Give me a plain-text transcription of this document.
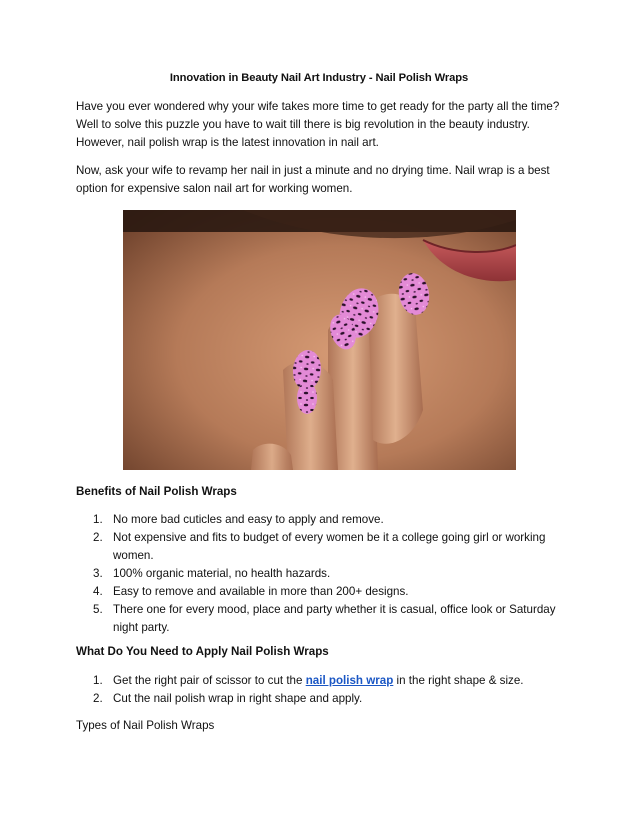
Innovation in Beauty Nail Art Industry - Nail Polish Wraps
Have you ever wondered why your wife takes more time to get ready for the party all the time?
Well to solve this puzzle you have to wait till there is big revolution in the beauty industry.
However, nail polish wrap is the latest innovation in nail art.
Now, ask your wife to revamp her nail in just a minute and no drying time. Nail wrap is a best
option for expensive salon nail art for working women.
Benefits of Nail Polish Wraps
1. No more bad cuticles and easy to apply and remove.
2. Not expensive and fits to budget of every women be it a college going girl or working
women.
3. 100% organic material, no health hazards.
4. Easy to remove and available in more than 200+ designs.
5. There one for every mood, place and party whether it is casual, office look or Saturday
night party.
What Do You Need to Apply Nail Polish Wraps
1. Get the right pair of scissor to cut the nail polish wrap in the right shape & size.
2. Cut the nail polish wrap in right shape and apply.
Types of Nail Polish Wraps
